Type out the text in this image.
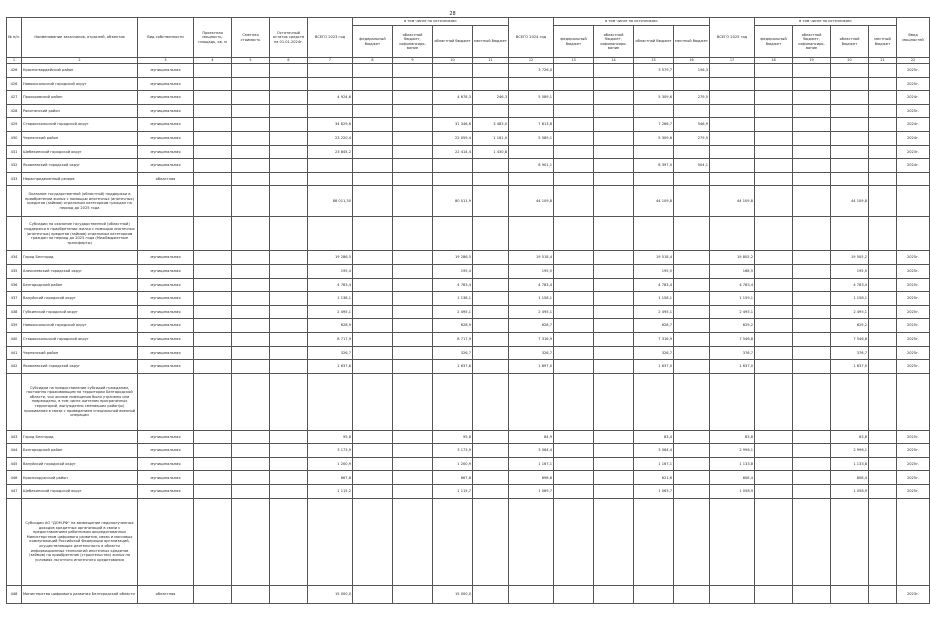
28
№ п/п.	Наименование заказчиков, отраслей, объектов	Вид собственности	Проектная мощность, площадь, кв. м	Сметная стоимость	Остаточный остаток средств на 01.01.2024г.	ВСЕГО 2023 год	в том числе по источникам:				ВСЕГО 2024 год	в том числе по источникам:				ВСЕГО 2025 год	в том числе по источникам:				Ввод мощностей
							федеральный бюджет	областной бюджет, софинансиро-вание	областной бюджет	местный бюджет		федеральный бюджет	областной бюджет, софинансиро-вание	областной бюджет	местный бюджет		федеральный бюджет	областной бюджет, софинансиро-вание	областной бюджет	местный бюджет	
1	2	3	4	5	6	7	8	9	10	11	12	13	14	15	16	17	18	19	20	21	22
426	Красногвардейский район	муниципальная									3 726,0			3 579,7	156,3						2025г.
426	Новооскольский городской округ	муниципальная																			2025г.
427	Прохоровский район	муниципальная				4 924,6			4 678,3	246,3	5 589,1			5 309,6	279,5						2024г.
428	Ракитянский район	муниципальная																			2025г.
429	Старооскольский городской округ	муниципальная				34 829,6			31 346,6	3 483,0	7 813,8			7 266,7	546,9						2024г.
430	Чернянский район	муниципальная				23 220,4			22 059,4	1 161,0	5 589,1			5 309,6	279,5						2024г.
431	Шебекинский городской округ	муниципальная				23 845,2			22 414,4	1 430,8											2023г.
432	Яковлевский городской округ	муниципальная									8 901,1			8 397,0	504,1						2024г.
433	Нераспределенный резерв	областная																			
	Оказание государственной (областной) поддержки в приобретении жилья с помощью ипотечных (ипотечных) кредитов (займов) отдельным категориям граждан на период до 2025 года					88 011,30			80 011,9		44 109,8			44 109,8		44 109,8			44 109,8		
	Субсидии на оказание государственной (областной) поддержки в приобретении жилья с помощью ипотечных (ипотечных) кредитов (займов) отдельным категориям граждан на период до 2025 года (Межбюджетные трансферты)																				
434	Город Белгород	муниципальная				19 286,5			19 286,5		19 518,4			19 518,4		19 805,2			19 505,2		2025г.
435	Алексеевский городской округ	муниципальная				195,4			195,4		195,5			195,5		168,5			195,5		2025г.
436	Белгородский район	муниципальная				4 783,4			4 783,4		4 783,4			4 783,4		4 783,4			4 783,4		2025г.
437	Валуйский городской округ	муниципальная				1 138,1			1 138,1		1 158,1			1 158,1		1 159,1			1 158,1		2025г.
438	Губкинский городской округ	муниципальная				2 495,1			2 495,1		2 495,1			2 495,1		2 495,1			2 495,1		2025г.
439	Новооскольский городской округ	муниципальная				628,9			628,9		628,7			628,7		629,2			629,2		2025г.
440	Старооскольский городской округ	муниципальная				8 717,9			8 717,9		7 316,9			7 316,9		7 546,8			7 546,8		2025г.
441	Чернянский район	муниципальная				326,7			326,7		326,7			326,7		376,7			376,7		2025г.
442	Яковлевский городской округ	муниципальная				1 637,6			1 637,6		1 897,0			1 637,0		1 637,0			1 637,0		2025г.
	Субсидии на предоставление субсидий гражданам, постоянно проживающим на территории Белгородской области, чьи жилые помещения были утрачены или повреждены, в том числе жителям приграничных территорий, вынужденно сменивших район(ы) проживания в связи с проведением специальной военной операции																				
443	Город Белгород	муниципальная				95,8			95,8		84,9			83,4		83,8			83,8		2025г.
444	Белгородский район	муниципальная				3 173,9			3 173,9		3 064,4			3 064,4		2 996,1			2 996,1		2025г.
445	Валуйский городской округ	муниципальная				1 200,9			1 200,9		1 167,1			1 167,1		1 133,8			1 133,8		2025г.
446	Краснояружский район	муниципальная				867,8			867,8		898,6			621,6		808,4			808,4		2025г.
447	Шебекинский городской округ	муниципальная				1 115,2			1 115,7		1 089,7			1 063,7		1 058,9			1 058,9		2025г.
	Субсидии АО "ДОМ.РФ" на возмещение недополученных доходов кредитных организаций в связи с предоставлением работникам аккредитованных Министерством цифрового развития, связи и массовых коммуникаций Российской Федерации организаций, осуществляющих деятельность в области информационных технологий ипотечных кредитов (займов) на приобретение (строительство) жилья на условиях льготного ипотечного кредитования																				
448	Министерство цифрового развития Белгородской области	областная				15 000,0			15 000,0												2023г.
